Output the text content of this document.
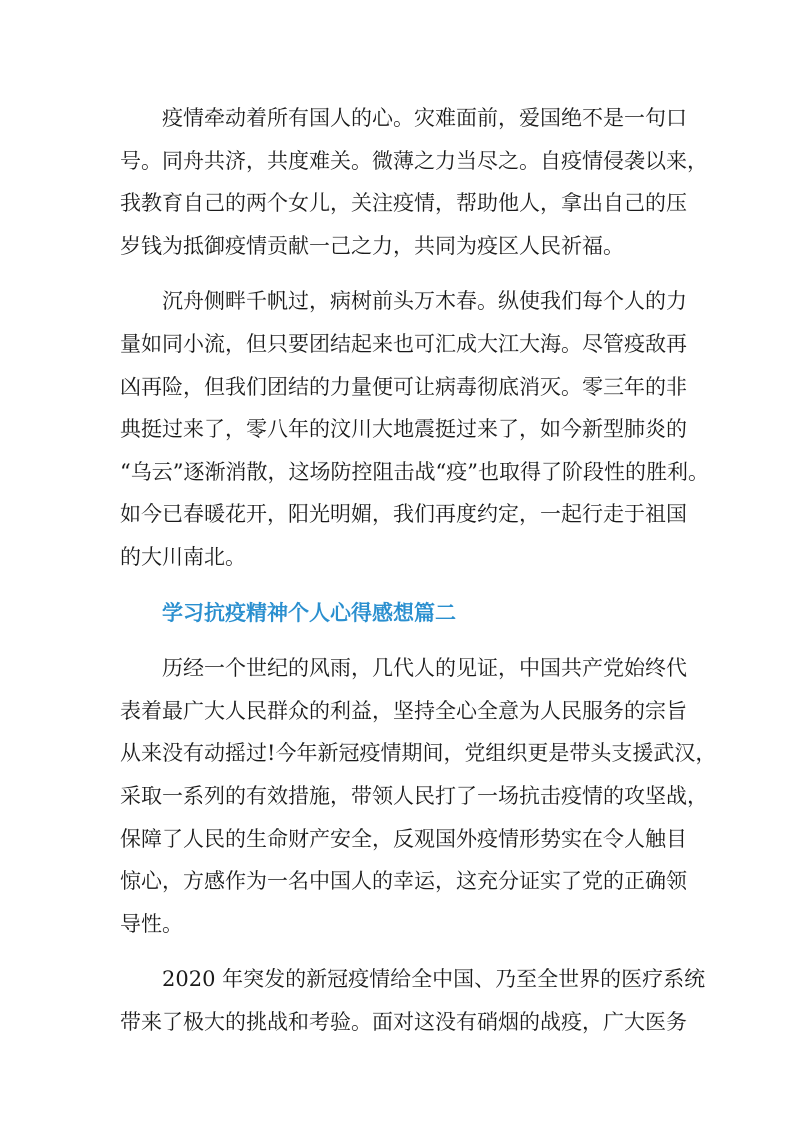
疫情牵动着所有国人的心。灾难面前，爱国绝不是一句口
号。同舟共济，共度难关。微薄之力当尽之。自疫情侵袭以来，
我教育自己的两个女儿，关注疫情，帮助他人，拿出自己的压
岁钱为抵御疫情贡献一己之力，共同为疫区人民祈福。
沉舟侧畔千帆过，病树前头万木春。纵使我们每个人的力
量如同小流，但只要团结起来也可汇成大江大海。尽管疫敌再
凶再险，但我们团结的力量便可让病毒彻底消灭。零三年的非
典挺过来了，零八年的汶川大地震挺过来了，如今新型肺炎的
“乌云”逐渐消散，这场防控阻击战“疫”也取得了阶段性的胜利。
如今已春暖花开，阳光明媚，我们再度约定，一起行走于祖国
的大川南北。
学习抗疫精神个人心得感想篇二
历经一个世纪的风雨，几代人的见证，中国共产党始终代
表着最广大人民群众的利益，坚持全心全意为人民服务的宗旨
从来没有动摇过!今年新冠疫情期间，党组织更是带头支援武汉，
采取一系列的有效措施，带领人民打了一场抗击疫情的攻坚战，
保障了人民的生命财产安全，反观国外疫情形势实在令人触目
惊心，方感作为一名中国人的幸运，这充分证实了党的正确领
导性。
2020 年突发的新冠疫情给全中国、乃至全世界的医疗系统
带来了极大的挑战和考验。面对这没有硝烟的战疫，广大医务
